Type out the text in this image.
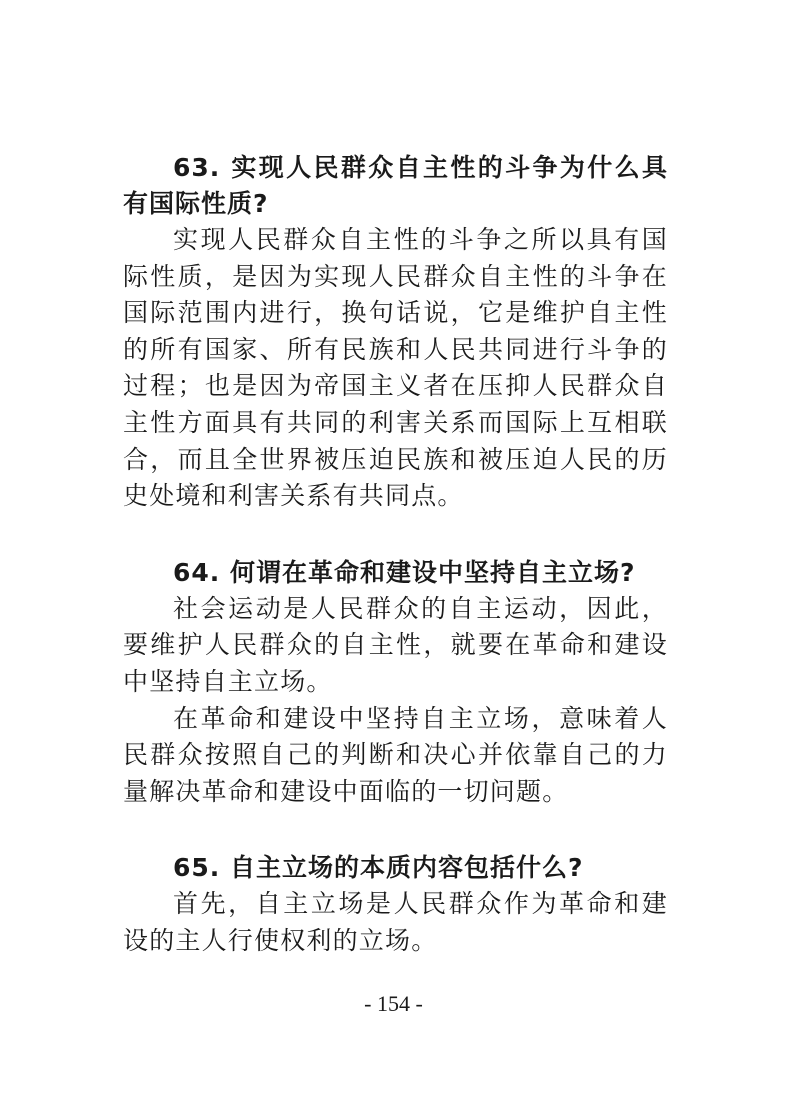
63. 实现人民群众自主性的斗争为什么具有国际性质?

实现人民群众自主性的斗争之所以具有国际性质，是因为实现人民群众自主性的斗争在国际范围内进行，换句话说，它是维护自主性的所有国家、所有民族和人民共同进行斗争的过程；也是因为帝国主义者在压抑人民群众自主性方面具有共同的利害关系而国际上互相联合，而且全世界被压迫民族和被压迫人民的历史处境和利害关系有共同点。

64. 何谓在革命和建设中坚持自主立场?

社会运动是人民群众的自主运动，因此，要维护人民群众的自主性，就要在革命和建设中坚持自主立场。

在革命和建设中坚持自主立场，意味着人民群众按照自己的判断和决心并依靠自己的力量解决革命和建设中面临的一切问题。

65. 自主立场的本质内容包括什么?

首先，自主立场是人民群众作为革命和建设的主人行使权利的立场。

- 154 -
